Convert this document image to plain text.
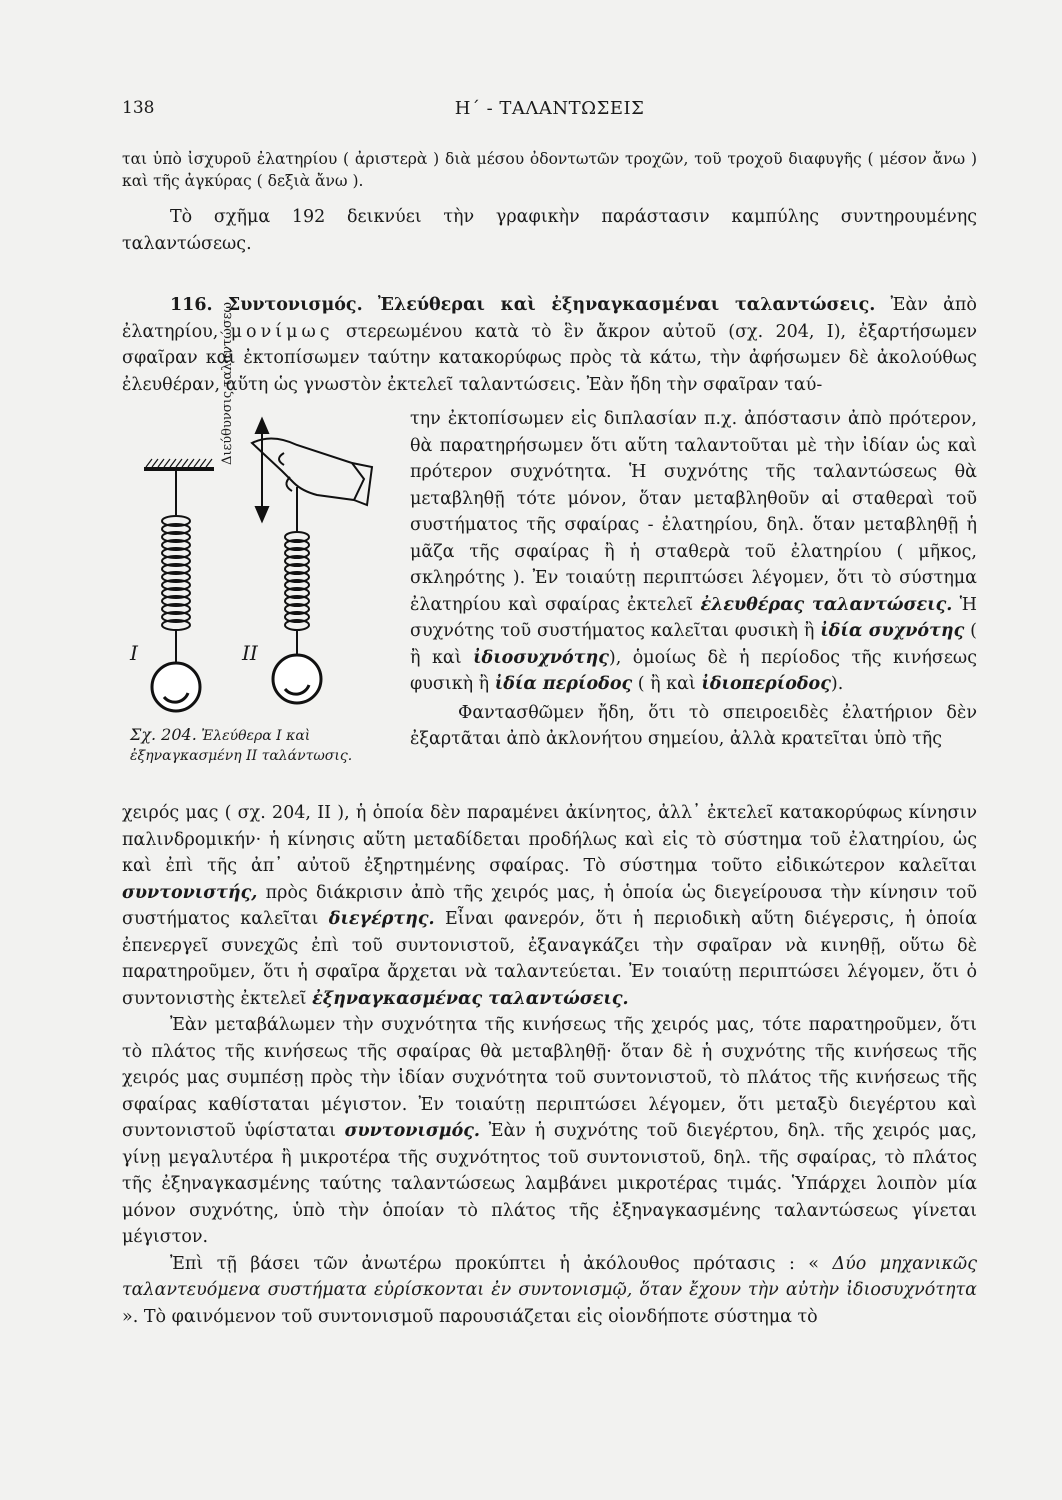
138	Η΄ - ΤΑΛΑΝΤΩΣΕΙΣ

ται ὑπὸ ἰσχυροῦ ἐλατηρίου ( ἀριστερὰ ) διὰ μέσου ὀδοντωτῶν τροχῶν, τοῦ τροχοῦ διαφυγῆς ( μέσον ἄνω ) καὶ τῆς ἀγκύρας ( δεξιὰ ἄνω ).

Τὸ σχῆμα 192 δεικνύει τὴν γραφικὴν παράστασιν καμπύλης συντηρουμένης ταλαντώσεως.

116. Συντονισμός. Ἐλεύθεραι καὶ ἐξηναγκασμέναι ταλαντώσεις. Ἐὰν ἀπὸ ἐλατηρίου, μονίμως στερεωμένου κατὰ τὸ ἓν ἄκρον αὐτοῦ (σχ. 204, Ι), ἐξαρτήσωμεν σφαῖραν καὶ ἐκτοπίσωμεν ταύτην κατακορύφως πρὸς τὰ κάτω, τὴν ἀφήσωμεν δὲ ἀκολούθως ἐλευθέραν, αὕτη ὡς γνωστὸν ἐκτελεῖ ταλαντώσεις. Ἐὰν ἤδη τὴν σφαῖραν ταύ-

την ἐκτοπίσωμεν εἰς διπλασίαν π.χ. ἀπόστασιν ἀπὸ πρότερον, θὰ παρατηρήσωμεν ὅτι αὕτη ταλαντοῦται μὲ τὴν ἰδίαν ὡς καὶ πρότερον συχνότητα. Ἡ συχνότης τῆς ταλαντώσεως θὰ μεταβληθῇ τότε μόνον, ὅταν μεταβληθοῦν αἱ σταθεραὶ τοῦ συστήματος τῆς σφαίρας - ἐλατηρίου, δηλ. ὅταν μεταβληθῇ ἡ μᾶζα τῆς σφαίρας ἢ ἡ σταθερὰ τοῦ ἐλατηρίου ( μῆκος, σκληρότης ). Ἐν τοιαύτῃ περιπτώσει λέγομεν, ὅτι τὸ σύστημα ἐλατηρίου καὶ σφαίρας ἐκτελεῖ ἐλευθέρας ταλαντώσεις. Ἡ συχνότης τοῦ συστήματος καλεῖται φυσικὴ ἢ ἰδία συχνότης ( ἢ καὶ ἰδιοσυχνότης), ὁμοίως δὲ ἡ περίοδος τῆς κινήσεως φυσικὴ ἢ ἰδία περίοδος ( ἢ καὶ ἰδιοπερίοδος).
Φαντασθῶμεν ἤδη, ὅτι τὸ σπειροειδὲς ἐλατήριον δὲν ἐξαρτᾶται ἀπὸ ἀκλονήτου σημείου, ἀλλὰ κρατεῖται ὑπὸ τῆς
Διεύθυνσις ταλαντώσεω
I	II
Σχ. 204. Ἐλεύθερα I καὶ ἐξηναγκασμένη II ταλάντωσις.

χειρός μας ( σχ. 204, II ), ἡ ὁποία δὲν παραμένει ἀκίνητος, ἀλλ᾿ ἐκτελεῖ κατακορύφως κίνησιν παλινδρομικήν· ἡ κίνησις αὕτη μεταδίδεται προδήλως καὶ εἰς τὸ σύστημα τοῦ ἐλατηρίου, ὡς καὶ ἐπὶ τῆς ἀπ᾿ αὐτοῦ ἐξηρτημένης σφαίρας. Τὸ σύστημα τοῦτο εἰδικώτερον καλεῖται συντονιστής, πρὸς διάκρισιν ἀπὸ τῆς χειρός μας, ἡ ὁποία ὡς διεγείρουσα τὴν κίνησιν τοῦ συστήματος καλεῖται διεγέρτης. Εἶναι φανερόν, ὅτι ἡ περιοδικὴ αὕτη διέγερσις, ἡ ὁποία ἐπενεργεῖ συνεχῶς ἐπὶ τοῦ συντονιστοῦ, ἐξαναγκάζει τὴν σφαῖραν νὰ κινηθῇ, οὕτω δὲ παρατηροῦμεν, ὅτι ἡ σφαῖρα ἄρχεται νὰ ταλαντεύεται. Ἐν τοιαύτῃ περιπτώσει λέγομεν, ὅτι ὁ συντονιστὴς ἐκτελεῖ ἐξηναγκασμένας ταλαντώσεις.

Ἐὰν μεταβάλωμεν τὴν συχνότητα τῆς κινήσεως τῆς χειρός μας, τότε παρατηροῦμεν, ὅτι τὸ πλάτος τῆς κινήσεως τῆς σφαίρας θὰ μεταβληθῇ· ὅταν δὲ ἡ συχνότης τῆς κινήσεως τῆς χειρός μας συμπέσῃ πρὸς τὴν ἰδίαν συχνότητα τοῦ συντονιστοῦ, τὸ πλάτος τῆς κινήσεως τῆς σφαίρας καθίσταται μέγιστον. Ἐν τοιαύτῃ περιπτώσει λέγομεν, ὅτι μεταξὺ διεγέρτου καὶ συντονιστοῦ ὑφίσταται συντονισμός. Ἐὰν ἡ συχνότης τοῦ διεγέρτου, δηλ. τῆς χειρός μας, γίνῃ μεγαλυτέρα ἢ μικροτέρα τῆς συχνότητος τοῦ συντονιστοῦ, δηλ. τῆς σφαίρας, τὸ πλάτος τῆς ἐξηναγκασμένης ταύτης ταλαντώσεως λαμβάνει μικροτέρας τιμάς. Ὑπάρχει λοιπὸν μία μόνον συχνότης, ὑπὸ τὴν ὁποίαν τὸ πλάτος τῆς ἐξηναγκασμένης ταλαντώσεως γίνεται μέγιστον.

Ἐπὶ τῇ βάσει τῶν ἀνωτέρω προκύπτει ἡ ἀκόλουθος πρότασις : « Δύο μηχανικῶς ταλαντευόμενα συστήματα εὑρίσκονται ἐν συντονισμῷ, ὅταν ἔχουν τὴν αὐτὴν ἰδιοσυχνότητα ». Τὸ φαινόμενον τοῦ συντονισμοῦ παρουσιάζεται εἰς οἱονδήποτε σύστημα τὸ
